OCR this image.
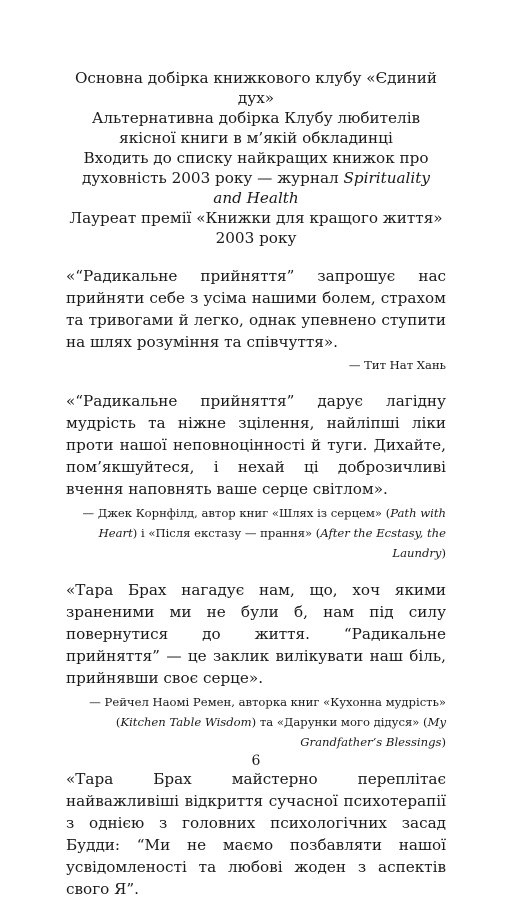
Основна добірка книжкового клубу «Єдиний дух»

Альтернативна добірка Клубу любителів якісної книги в м’якій обкладинці

Входить до списку найкращих книжок про духовність 2003 року — журнал Spirituality and Health

Лауреат премії «Книжки для кращого життя» 2003 року

«“Радикальне прийняття” запрошує нас прийняти себе з усіма нашими болем, страхом та тривогами й легко, однак упевнено ступити на шлях розуміння та співчуття».

— Тит Нат Хань

«“Радикальне прийняття” дарує лагідну мудрість та ніжне зцілення, найліпші ліки проти нашої неповноцінності й туги. Дихайте, пом’якшуйтеся, і нехай ці доброзичливі вчення наповнять ваше серце світлом».

— Джек Корнфілд, автор книг «Шлях із серцем» (Path with Heart) і «Після екстазу — прання» (After the Ecstasy, the Laundry)

«Тара Брах нагадує нам, що, хоч якими зраненими ми не були б, нам під силу повернутися до життя. “Радикальне прийняття” — це заклик вилікувати наш біль, прийнявши своє серце».

— Рейчел Наомі Ремен, авторка книг «Кухонна мудрість» (Kitchen Table Wisdom) та «Дарунки мого дідуся» (My Grandfather’s Blessings)

«Тара Брах майстерно переплітає найважливіші відкриття сучасної психотерапії з однією з головних психологічних засад Будди: “Ми не маємо позбавляти нашої усвідомленості та любові жоден з аспектів свого Я”.

6
